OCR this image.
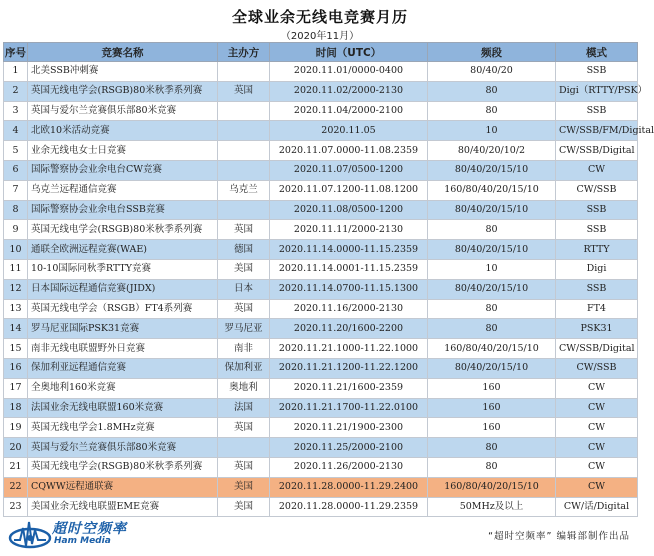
全球业余无线电竞赛月历
（2020年11月）
序号	竞赛名称	主办方	时间（UTC）	频段	模式
1	北美SSB冲刺赛		2020.11.01/0000-0400	80/40/20	SSB
2	英国无线电学会(RSGB)80米秋季系列赛	英国	2020.11.02/2000-2130	80	Digi（RTTY/PSK）
3	英国与爱尔兰竞赛俱乐部80米竞赛		2020.11.04/2000-2100	80	SSB
4	北欧10米活动竞赛		2020.11.05	10	CW/SSB/FM/Digital
5	业余无线电女士日竞赛		2020.11.07.0000-11.08.2359	80/40/20/10/2	CW/SSB/Digital
6	国际警察协会业余电台CW竞赛		2020.11.07/0500-1200	80/40/20/15/10	CW
7	乌克兰远程通信竞赛	乌克兰	2020.11.07.1200-11.08.1200	160/80/40/20/15/10	CW/SSB
8	国际警察协会业余电台SSB竞赛		2020.11.08/0500-1200	80/40/20/15/10	SSB
9	英国无线电学会(RSGB)80米秋季系列赛	英国	2020.11.11/2000-2130	80	SSB
10	通联全欧洲远程竞赛(WAE)	德国	2020.11.14.0000-11.15.2359	80/40/20/15/10	RTTY
11	10-10国际同秋季RTTY竞赛	美国	2020.11.14.0001-11.15.2359	10	Digi
12	日本国际远程通信竞赛(JIDX)	日本	2020.11.14.0700-11.15.1300	80/40/20/15/10	SSB
13	英国无线电学会（RSGB）FT4系列赛	英国	2020.11.16/2000-2130	80	FT4
14	罗马尼亚国际PSK31竞赛	罗马尼亚	2020.11.20/1600-2200	80	PSK31
15	南非无线电联盟野外日竞赛	南非	2020.11.21.1000-11.22.1000	160/80/40/20/15/10	CW/SSB/Digital
16	保加利亚远程通信竞赛	保加利亚	2020.11.21.1200-11.22.1200	80/40/20/15/10	CW/SSB
17	全奥地利160米竞赛	奥地利	2020.11.21/1600-2359	160	CW
18	法国业余无线电联盟160米竞赛	法国	2020.11.21.1700-11.22.0100	160	CW
19	英国无线电学会1.8MHz竞赛	英国	2020.11.21/1900-2300	160	CW
20	英国与爱尔兰竞赛俱乐部80米竞赛		2020.11.25/2000-2100	80	CW
21	英国无线电学会(RSGB)80米秋季系列赛	英国	2020.11.26/2000-2130	80	CW
22	CQWW远程通联赛	美国	2020.11.28.0000-11.29.2400	160/80/40/20/15/10	CW
23	美国业余无线电联盟EME竞赛	美国	2020.11.28.0000-11.29.2359	50MHz及以上	CW/话/Digital
超时空频率
Ham Media	“超时空频率” 编辑部制作出品
